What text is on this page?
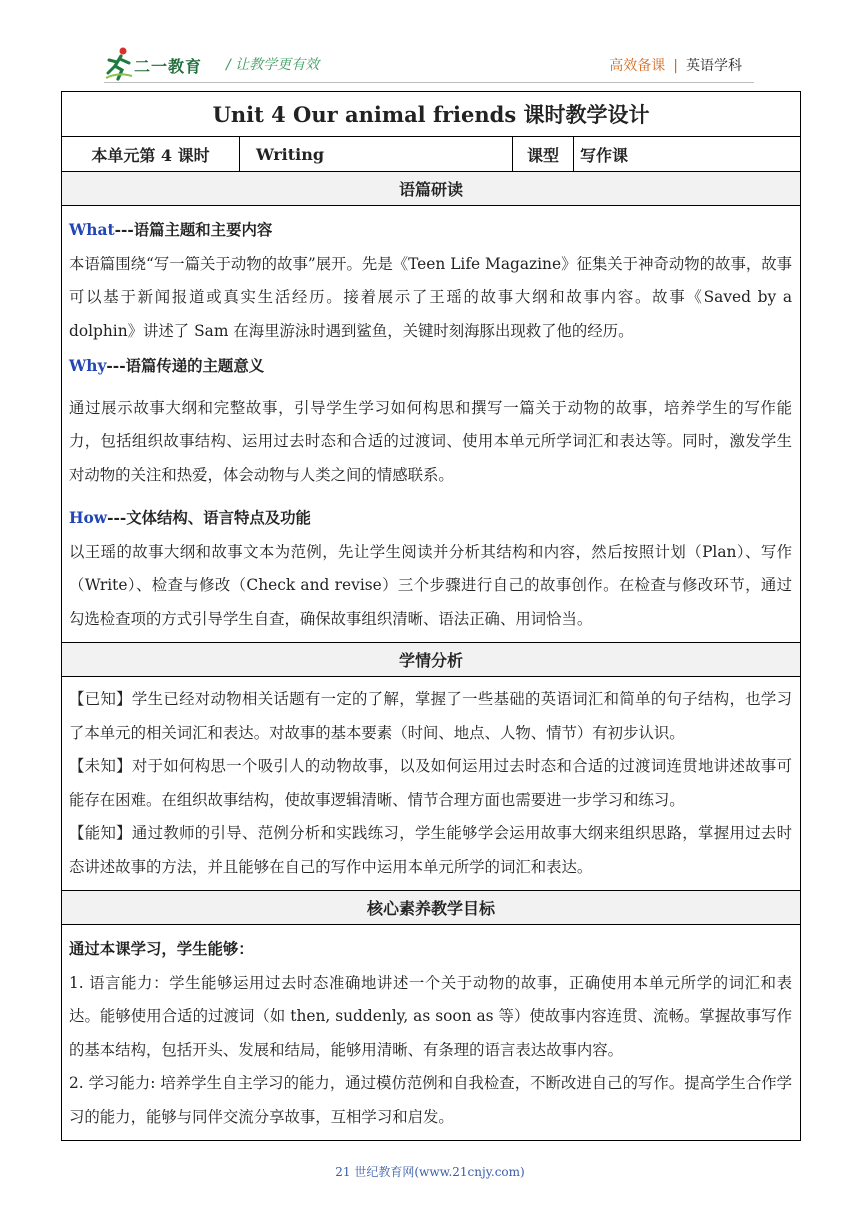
二一教育 / 让教学更有效	高效备课 | 英语学科
Unit 4 Our animal friends 课时教学设计
本单元第 4 课时	Writing	课型	写作课
语篇研读

What---语篇主题和主要内容

本语篇围绕“写一篇关于动物的故事”展开。先是《Teen Life Magazine》征集关于神奇动物的故事，故事可以基于新闻报道或真实生活经历。接着展示了王瑶的故事大纲和故事内容。故事《Saved by a dolphin》讲述了 Sam 在海里游泳时遇到鲨鱼，关键时刻海豚出现救了他的经历。

Why---语篇传递的主题意义

通过展示故事大纲和完整故事，引导学生学习如何构思和撰写一篇关于动物的故事，培养学生的写作能力，包括组织故事结构、运用过去时态和合适的过渡词、使用本单元所学词汇和表达等。同时，激发学生对动物的关注和热爱，体会动物与人类之间的情感联系。

How---文体结构、语言特点及功能

以王瑶的故事大纲和故事文本为范例，先让学生阅读并分析其结构和内容，然后按照计划（Plan）、写作（Write）、检查与修改（Check and revise）三个步骤进行自己的故事创作。在检查与修改环节，通过勾选检查项的方式引导学生自查，确保故事组织清晰、语法正确、用词恰当。

学情分析

【已知】学生已经对动物相关话题有一定的了解，掌握了一些基础的英语词汇和简单的句子结构，也学习了本单元的相关词汇和表达。对故事的基本要素（时间、地点、人物、情节）有初步认识。

【未知】对于如何构思一个吸引人的动物故事，以及如何运用过去时态和合适的过渡词连贯地讲述故事可能存在困难。在组织故事结构，使故事逻辑清晰、情节合理方面也需要进一步学习和练习。

【能知】通过教师的引导、范例分析和实践练习，学生能够学会运用故事大纲来组织思路，掌握用过去时态讲述故事的方法，并且能够在自己的写作中运用本单元所学的词汇和表达。

核心素养教学目标

通过本课学习，学生能够：

1. 语言能力：学生能够运用过去时态准确地讲述一个关于动物的故事，正确使用本单元所学的词汇和表达。能够使用合适的过渡词（如 then, suddenly, as soon as 等）使故事内容连贯、流畅。掌握故事写作的基本结构，包括开头、发展和结局，能够用清晰、有条理的语言表达故事内容。

2. 学习能力: 培养学生自主学习的能力，通过模仿范例和自我检查，不断改进自己的写作。提高学生合作学习的能力，能够与同伴交流分享故事，互相学习和启发。

21 世纪教育网(www.21cnjy.com)
